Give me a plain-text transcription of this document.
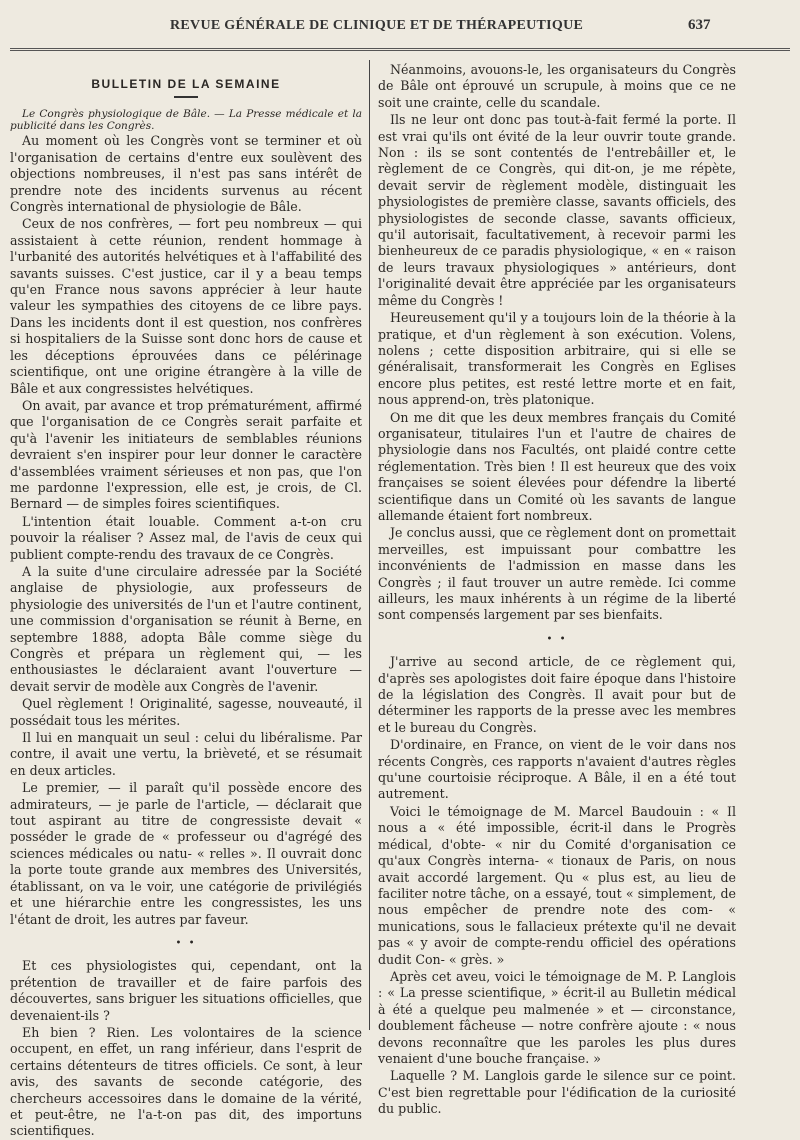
REVUE GÉNÉRALE DE CLINIQUE ET DE THÉRAPEUTIQUE	637
BULLETIN DE LA SEMAINE

Le Congrès physiologique de Bâle. — La Presse médicale et la publicité dans les Congrès.

Au moment où les Congrès vont se terminer et où l'organisation de certains d'entre eux soulèvent des objections nombreuses, il n'est pas sans intérêt de prendre note des incidents survenus au récent Congrès international de physiologie de Bâle.

Ceux de nos confrères, — fort peu nombreux — qui assistaient à cette réunion, rendent hommage à l'urbanité des autorités helvétiques et à l'affabilité des savants suisses. C'est justice, car il y a beau temps qu'en France nous savons apprécier à leur haute valeur les sympathies des citoyens de ce libre pays. Dans les incidents dont il est question, nos confrères si hospitaliers de la Suisse sont donc hors de cause et les déceptions éprouvées dans ce pélérinage scientifique, ont une origine étrangère à la ville de Bâle et aux congressistes helvétiques.

On avait, par avance et trop prématurément, affirmé que l'organisation de ce Congrès serait parfaite et qu'à l'avenir les initiateurs de semblables réunions devraient s'en inspirer pour leur donner le caractère d'assemblées vraiment sérieuses et non pas, que l'on me pardonne l'expression, elle est, je crois, de Cl. Bernard — de simples foires scientifiques.

L'intention était louable. Comment a-t-on cru pouvoir la réaliser ? Assez mal, de l'avis de ceux qui publient compte-rendu des travaux de ce Congrès.

A la suite d'une circulaire adressée par la Société anglaise de physiologie, aux professeurs de physiologie des universités de l'un et l'autre continent, une commission d'organisation se réunit à Berne, en septembre 1888, adopta Bâle comme siège du Congrès et prépara un règlement qui, — les enthousiastes le déclaraient avant l'ouverture — devait servir de modèle aux Congrès de l'avenir.

Quel règlement ! Originalité, sagesse, nouveauté, il possédait tous les mérites.

Il lui en manquait un seul : celui du libéralisme. Par contre, il avait une vertu, la brièveté, et se résumait en deux articles.

Le premier, — il paraît qu'il possède encore des admirateurs, — je parle de l'article, — déclarait que tout aspirant au titre de congressiste devait « posséder le grade de « professeur ou d'agrégé des sciences médicales ou natu- « relles ». Il ouvrait donc la porte toute grande aux membres des Universités, établissant, on va le voir, une catégorie de privilégiés et une hiérarchie entre les congressistes, les uns l'étant de droit, les autres par faveur.

• •

Et ces physiologistes qui, cependant, ont la prétention de travailler et de faire parfois des découvertes, sans briguer les situations officielles, que devenaient-ils ?

Eh bien ? Rien. Les volontaires de la science occupent, en effet, un rang inférieur, dans l'esprit de certains détenteurs de titres officiels. Ce sont, à leur avis, des savants de seconde catégorie, des chercheurs accessoires dans le domaine de la vérité, et peut-être, ne l'a-t-on pas dit, des importuns scientifiques.

Néanmoins, avouons-le, les organisateurs du Congrès de Bâle ont éprouvé un scrupule, à moins que ce ne soit une crainte, celle du scandale.

Ils ne leur ont donc pas tout-à-fait fermé la porte. Il est vrai qu'ils ont évité de la leur ouvrir toute grande. Non : ils se sont contentés de l'entrebâiller et, le règlement de ce Congrès, qui dit-on, je me répète, devait servir de règlement modèle, distinguait les physiologistes de première classe, savants officiels, des physiologistes de seconde classe, savants officieux, qu'il autorisait, facultativement, à recevoir parmi les bienheureux de ce paradis physiologique, « en « raison de leurs travaux physiologiques » antérieurs, dont l'originalité devait être appréciée par les organisateurs même du Congrès !

Heureusement qu'il y a toujours loin de la théorie à la pratique, et d'un règlement à son exécution. Volens, nolens ; cette disposition arbitraire, qui si elle se généralisait, transformerait les Congrès en Eglises encore plus petites, est resté lettre morte et en fait, nous apprend-on, très platonique.

On me dit que les deux membres français du Comité organisateur, titulaires l'un et l'autre de chaires de physiologie dans nos Facultés, ont plaidé contre cette réglementation. Très bien ! Il est heureux que des voix françaises se soient élevées pour défendre la liberté scientifique dans un Comité où les savants de langue allemande étaient fort nombreux.

Je conclus aussi, que ce règlement dont on promettait merveilles, est impuissant pour combattre les inconvénients de l'admission en masse dans les Congrès ; il faut trouver un autre remède. Ici comme ailleurs, les maux inhérents à un régime de la liberté sont compensés largement par ses bienfaits.

• •

J'arrive au second article, de ce règlement qui, d'après ses apologistes doit faire époque dans l'histoire de la législation des Congrès. Il avait pour but de déterminer les rapports de la presse avec les membres et le bureau du Congrès.

D'ordinaire, en France, on vient de le voir dans nos récents Congrès, ces rapports n'avaient d'autres règles qu'une courtoisie réciproque. A Bâle, il en a été tout autrement.

Voici le témoignage de M. Marcel Baudouin : « Il nous a « été impossible, écrit-il dans le Progrès médical, d'obte- « nir du Comité d'organisation ce qu'aux Congrès interna- « tionaux de Paris, on nous avait accordé largement. Qu « plus est, au lieu de faciliter notre tâche, on a essayé, tout « simplement, de nous empêcher de prendre note des com- « munications, sous le fallacieux prétexte qu'il ne devait pas « y avoir de compte-rendu officiel des opérations dudit Con- « grès. »

Après cet aveu, voici le témoignage de M. P. Langlois : « La presse scientifique, » écrit-il au Bulletin médical à été a quelque peu malmenée » et — circonstance, doublement fâcheuse — notre confrère ajoute : « nous devons reconnaître que les paroles les plus dures venaient d'une bouche française. »

Laquelle ? M. Langlois garde le silence sur ce point. C'est bien regrettable pour l'édification de la curiosité du public.
